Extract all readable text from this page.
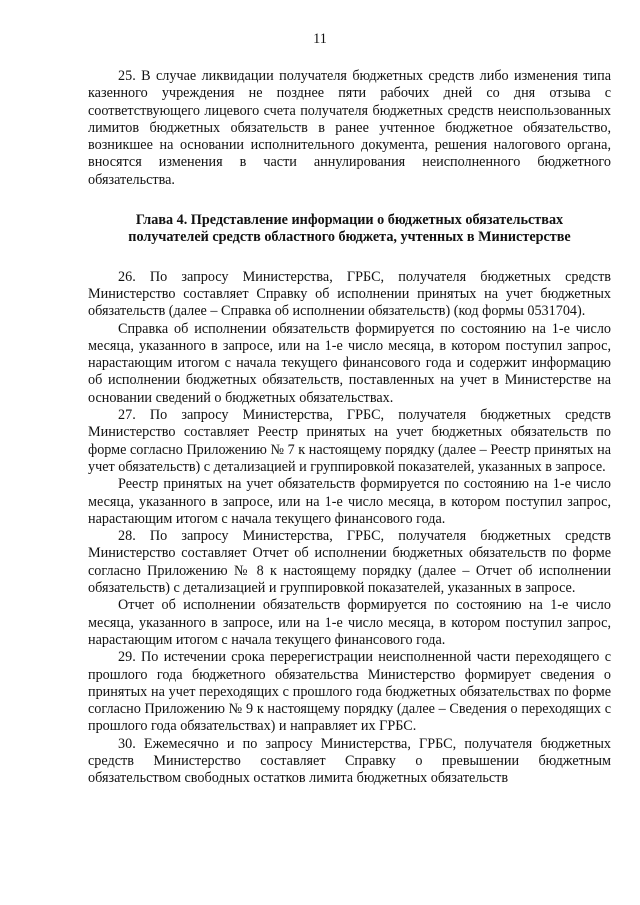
11

25. В случае ликвидации получателя бюджетных средств либо изменения типа казенного учреждения не позднее пяти рабочих дней со дня отзыва с соответствующего лицевого счета получателя бюджетных средств неиспользованных лимитов бюджетных обязательств в ранее учтенное бюджетное обязательство, возникшее на основании исполнительного документа, решения налогового органа, вносятся изменения в части аннулирования неисполненного бюджетного обязательства.

Глава 4. Представление информации о бюджетных обязательствах получателей средств областного бюджета, учтенных в Министерстве

26. По запросу Министерства, ГРБС, получателя бюджетных средств Министерство составляет Справку об исполнении принятых на учет бюджетных обязательств (далее – Справка об исполнении обязательств) (код формы 0531704).

Справка об исполнении обязательств формируется по состоянию на 1-е число месяца, указанного в запросе, или на 1-е число месяца, в котором поступил запрос, нарастающим итогом с начала текущего финансового года и содержит информацию об исполнении бюджетных обязательств, поставленных на учет в Министерстве на основании сведений о бюджетных обязательствах.

27. По запросу Министерства, ГРБС, получателя бюджетных средств Министерство составляет Реестр принятых на учет бюджетных обязательств по форме согласно Приложению № 7 к настоящему порядку (далее – Реестр принятых на учет обязательств) с детализацией и группировкой показателей, указанных в запросе.

Реестр принятых на учет обязательств формируется по состоянию на 1-е число месяца, указанного в запросе, или на 1-е число месяца, в котором поступил запрос, нарастающим итогом с начала текущего финансового года.

28. По запросу Министерства, ГРБС, получателя бюджетных средств Министерство составляет Отчет об исполнении бюджетных обязательств по форме согласно Приложению № 8 к настоящему порядку (далее – Отчет об исполнении обязательств) с детализацией и группировкой показателей, указанных в запросе.

Отчет об исполнении обязательств формируется по состоянию на 1-е число месяца, указанного в запросе, или на 1-е число месяца, в котором поступил запрос, нарастающим итогом с начала текущего финансового года.

29. По истечении срока перерегистрации неисполненной части переходящего с прошлого года бюджетного обязательства Министерство формирует сведения о принятых на учет переходящих с прошлого года бюджетных обязательствах по форме согласно Приложению № 9 к настоящему порядку (далее – Сведения о переходящих с прошлого года обязательствах) и направляет их ГРБС.

30. Ежемесячно и по запросу Министерства, ГРБС, получателя бюджетных средств Министерство составляет Справку о превышении бюджетным обязательством свободных остатков лимита бюджетных обязательств
